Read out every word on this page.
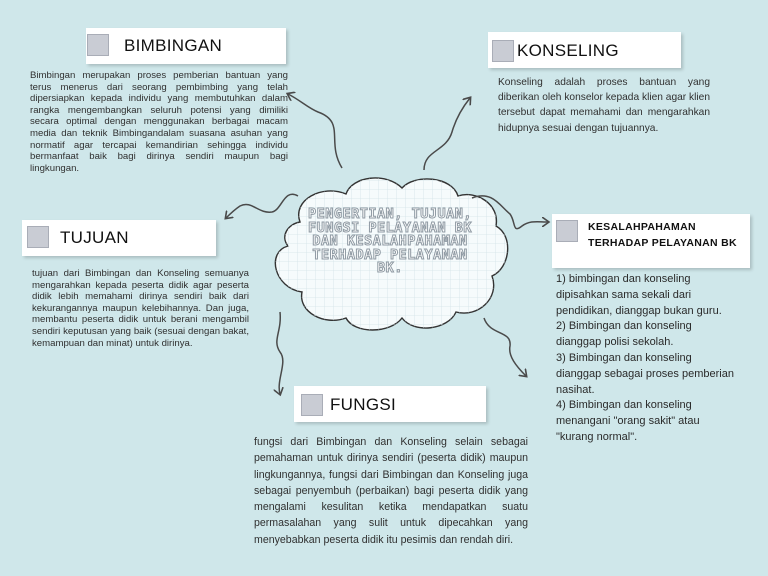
PENGERTIAN, TUJUAN, FUNGSI PELAYANAN BK DAN KESALAHPAHAMAN TERHADAP PELAYANAN BK.
BIMBINGAN

Bimbingan merupakan proses pemberian bantuan yang terus menerus dari seorang pembimbing yang telah dipersiapkan kepada individu yang membutuhkan dalam rangka mengembangkan seluruh potensi yang dimiliki secara optimal dengan menggunakan berbagai macam media dan teknik Bimbingandalam suasana asuhan yang normatif agar tercapai kemandirian sehingga individu bermanfaat baik bagi dirinya sendiri maupun bagi lingkungan.

KONSELING

Konseling adalah proses bantuan yang diberikan oleh konselor kepada klien agar klien tersebut dapat memahami dan mengarahkan hidupnya sesuai dengan tujuannya.

TUJUAN

tujuan dari Bimbingan dan Konseling semuanya mengarahkan kepada peserta didik agar peserta didik lebih memahami dirinya sendiri baik dari kekurangannya maupun kelebihannya. Dan juga, membantu peserta didik untuk berani mengambil sendiri keputusan yang baik (sesuai dengan bakat, kemampuan dan minat) untuk dirinya.

KESALAHPAHAMAN TERHADAP PELAYANAN BK
1) bimbingan dan konseling dipisahkan sama sekali dari pendidikan, dianggap bukan guru.
2) Bimbingan dan konseling dianggap polisi sekolah.
3) Bimbingan dan konseling dianggap sebagai proses pemberian nasihat.
4) Bimbingan dan konseling menangani "orang sakit" atau "kurang normal".
FUNGSI

fungsi dari Bimbingan dan Konseling selain sebagai pemahaman untuk dirinya sendiri (peserta didik) maupun lingkungannya, fungsi dari Bimbingan dan Konseling juga sebagai penyembuh (perbaikan) bagi peserta didik yang mengalami kesulitan ketika mendapatkan suatu permasalahan yang sulit untuk dipecahkan yang menyebabkan peserta didik itu pesimis dan rendah diri.
